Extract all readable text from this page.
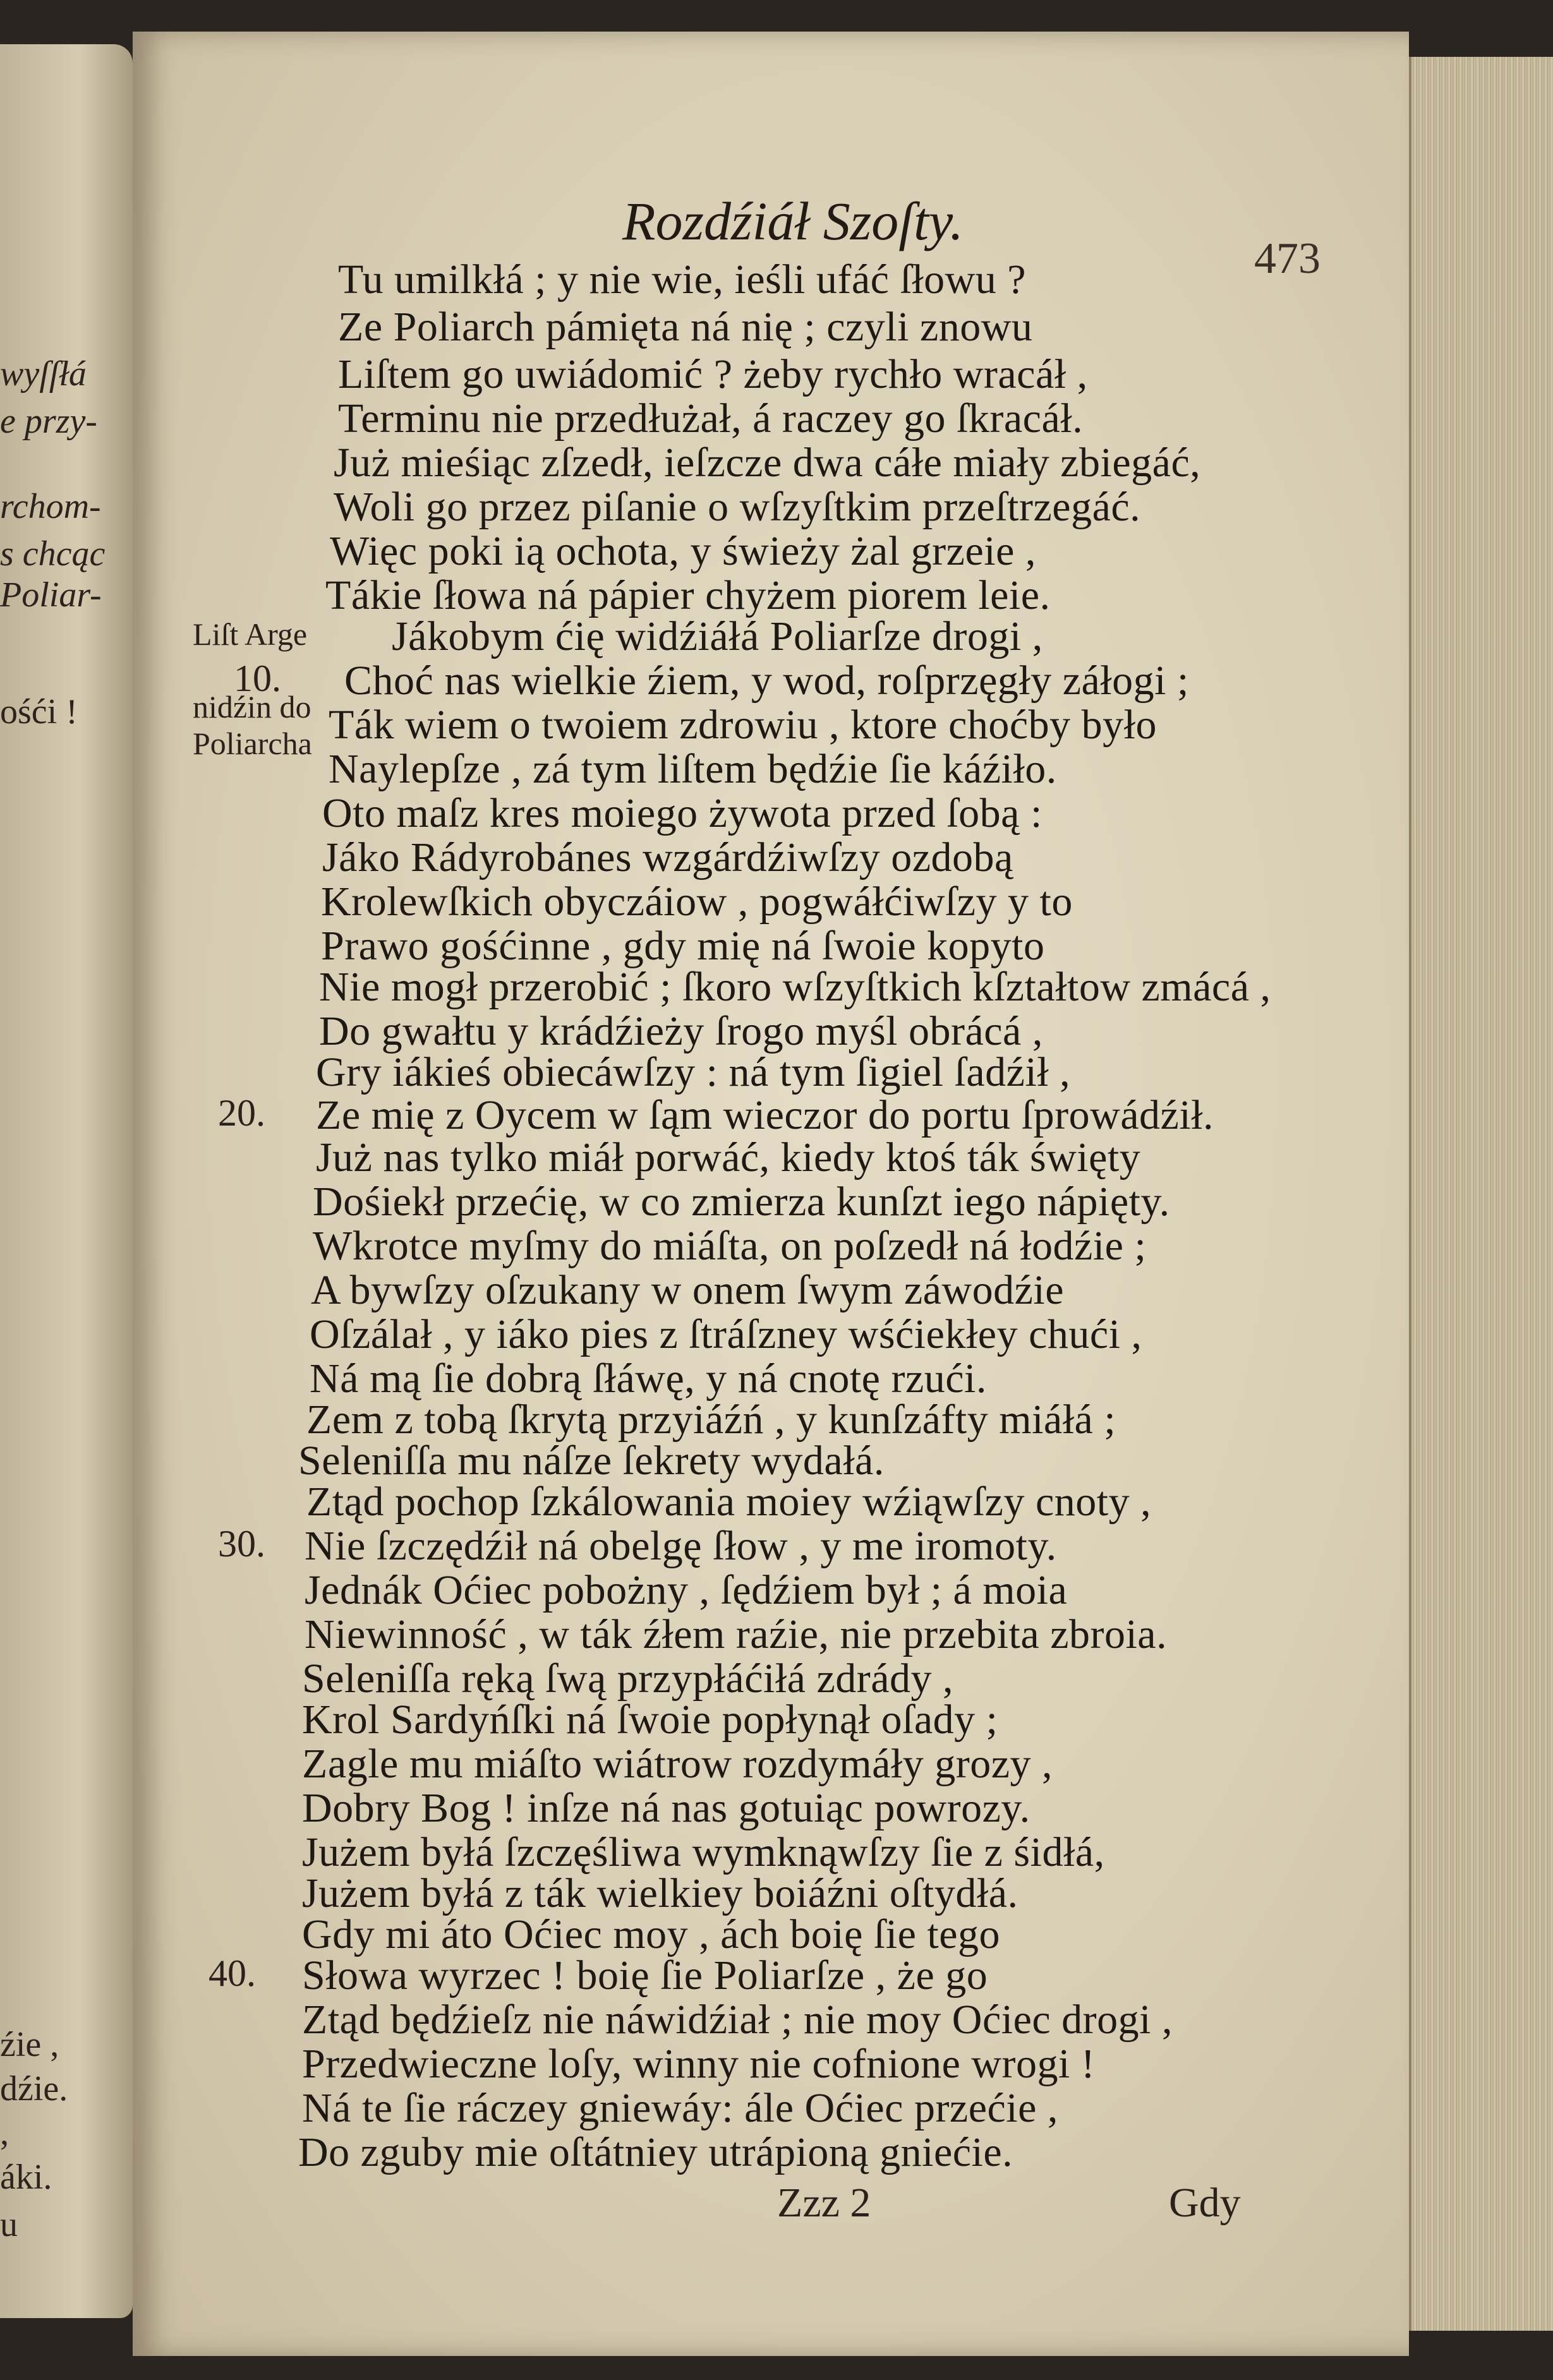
wyſſłá
e przy-
rchom-
s chcąc
Poliar-
ośći !
źie ,
dźie.
,
áki.
u
Rozdźiáł Szoſty.
473
Liſt Arge
nidźin do
Poliarcha
10.
20.
30.
40.
Tu umilkłá ; y nie wie, ieśli ufáć ſłowu ?
Ze Poliarch pámięta ná nię ; czyli znowu
Liſtem go uwiádomić ? żeby rychło wracáł ,
Terminu nie przedłużał, á raczey go ſkracáł.
Już mieśiąc zſzedł, ieſzcze dwa cáłe miały zbiegáć,
Woli go przez piſanie o wſzyſtkim przeſtrzegáć.
Więc poki ią ochota, y świeży żal grzeie ,
Tákie ſłowa ná pápier chyżem piorem leie.
Jákobym ćię widźiáłá Poliarſze drogi ,
Choć nas wielkie źiem, y wod, roſprzęgły záłogi ;
Ták wiem o twoiem zdrowiu , ktore choćby było
Naylepſze , zá tym liſtem będźie ſie káźiło.
Oto maſz kres moiego żywota przed ſobą :
Jáko Rádyrobánes wzgárdźiwſzy ozdobą
Krolewſkich obyczáiow , pogwáłćiwſzy y to
Prawo gośćinne , gdy mię ná ſwoie kopyto
Nie mogł przerobić ; ſkoro wſzyſtkich kſztałtow zmácá ,
Do gwałtu y krádźieży ſrogo myśl obrácá ,
Gry iákieś obiecáwſzy : ná tym ſigiel ſadźił ,
Ze mię z Oycem w ſąm wieczor do portu ſprowádźił.
Już nas tylko miáł porwáć, kiedy ktoś ták święty
Dośiekł przećię, w co zmierza kunſzt iego nápięty.
Wkrotce myſmy do miáſta, on poſzedł ná łodźie ;
A bywſzy oſzukany w onem ſwym záwodźie
Oſzálał , y iáko pies z ſtráſzney wśćiekłey chući ,
Ná mą ſie dobrą ſłáwę, y ná cnotę rzući.
Zem z tobą ſkrytą przyiáźń , y kunſzáfty miáłá ;
Seleniſſa mu náſze ſekrety wydałá.
Ztąd pochop ſzkálowania moiey wźiąwſzy cnoty ,
Nie ſzczędźił ná obelgę ſłow , y me iromoty.
Jednák Oćiec pobożny , ſędźiem był ; á moia
Niewinność , w ták źłem raźie, nie przebita zbroia.
Seleniſſa ręką ſwą przypłáćiłá zdrády ,
Krol Sardyńſki ná ſwoie popłynął oſady ;
Zagle mu miáſto wiátrow rozdymáły grozy ,
Dobry Bog ! inſze ná nas gotuiąc powrozy.
Jużem byłá ſzczęśliwa wymknąwſzy ſie z śidłá,
Jużem byłá z ták wielkiey boiáźni oſtydłá.
Gdy mi áto Oćiec moy , ách boię ſie tego
Słowa wyrzec ! boię ſie Poliarſze , że go
Ztąd będźieſz nie náwidźiał ; nie moy Oćiec drogi ,
Przedwieczne loſy, winny nie cofnione wrogi !
Ná te ſie ráczey gniewáy: ále Oćiec przećie ,
Do zguby mie oſtátniey utrápioną gniećie.
Zzz 2	Gdy
